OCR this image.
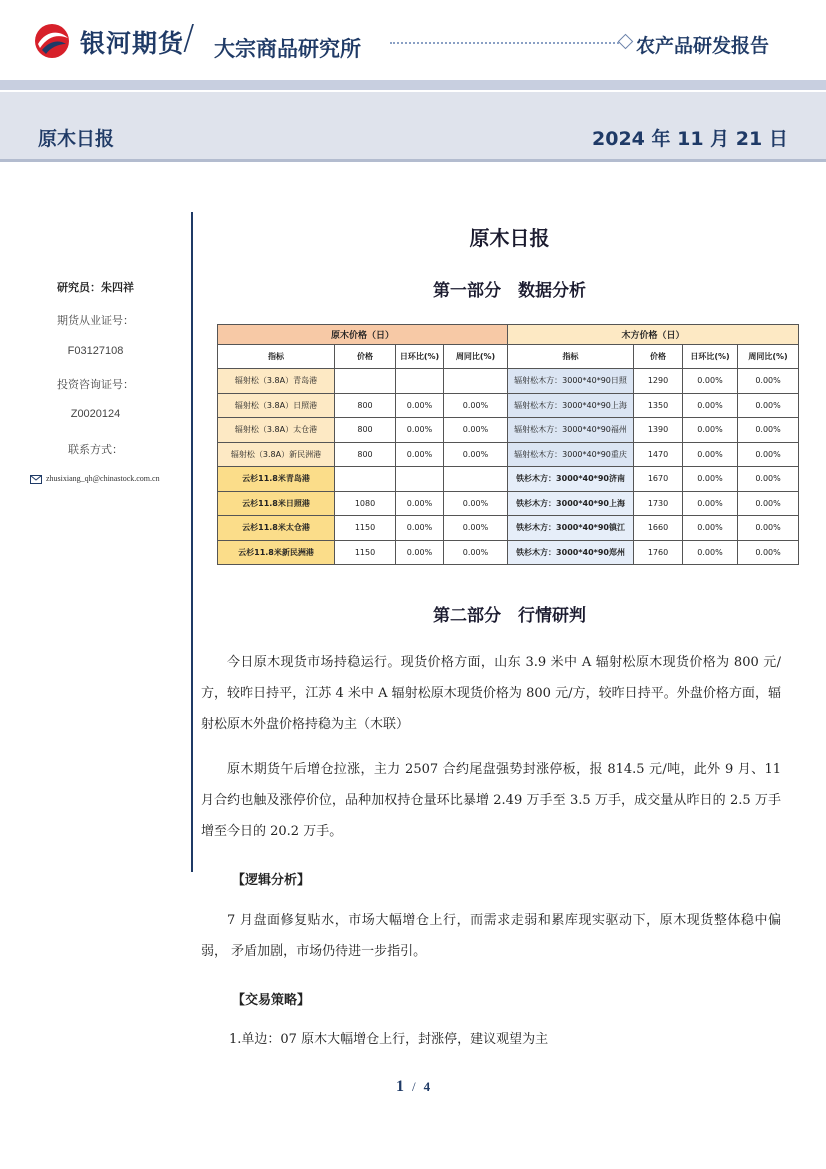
银河期货
/ 大宗商品研究所	农产品研发报告
原木日报	2024 年 11 月 21 日
研究员：朱四祥
期货从业证号：
F03127108
投资咨询证号：
Z0020124
联系方式：
zhusixiang_qh@chinastock.com.cn
原木日报
第一部分　数据分析
原木价格（日）				木方价格（日）			
指标	价格	日环比(%)	周同比(%)	指标	价格	日环比(%)	周同比(%)
辐射松（3.8A）青岛港				辐射松木方：3000*40*90日照	1290	0.00%	0.00%
辐射松（3.8A）日照港	800	0.00%	0.00%	辐射松木方：3000*40*90上海	1350	0.00%	0.00%
辐射松（3.8A）太仓港	800	0.00%	0.00%	辐射松木方：3000*40*90福州	1390	0.00%	0.00%
辐射松（3.8A）新民洲港	800	0.00%	0.00%	辐射松木方：3000*40*90重庆	1470	0.00%	0.00%
云杉11.8米青岛港				铁杉木方：3000*40*90济南	1670	0.00%	0.00%
云杉11.8米日照港	1080	0.00%	0.00%	铁杉木方：3000*40*90上海	1730	0.00%	0.00%
云杉11.8米太仓港	1150	0.00%	0.00%	铁杉木方：3000*40*90镇江	1660	0.00%	0.00%
云杉11.8米新民洲港	1150	0.00%	0.00%	铁杉木方：3000*40*90郑州	1760	0.00%	0.00%
第二部分　行情研判
今日原木现货市场持稳运行。现货价格方面，山东 3.9 米中 A 辐射松原木现货价格为 800 元/方，较昨日持平，江苏 4 米中 A 辐射松原木现货价格为 800 元/方，较昨日持平。外盘价格方面，辐射松原木外盘价格持稳为主（木联）
原木期货午后增仓拉涨，主力 2507 合约尾盘强势封涨停板，报 814.5 元/吨，此外 9 月、11 月合约也触及涨停价位，品种加权持仓量环比暴增 2.49 万手至 3.5 万手，成交量从昨日的 2.5 万手增至今日的 20.2 万手。
【逻辑分析】
7 月盘面修复贴水，市场大幅增仓上行，而需求走弱和累库现实驱动下，原木现货整体稳中偏弱， 矛盾加剧，市场仍待进一步指引。
【交易策略】
1.单边：07 原木大幅增仓上行，封涨停，建议观望为主
1 / 4
